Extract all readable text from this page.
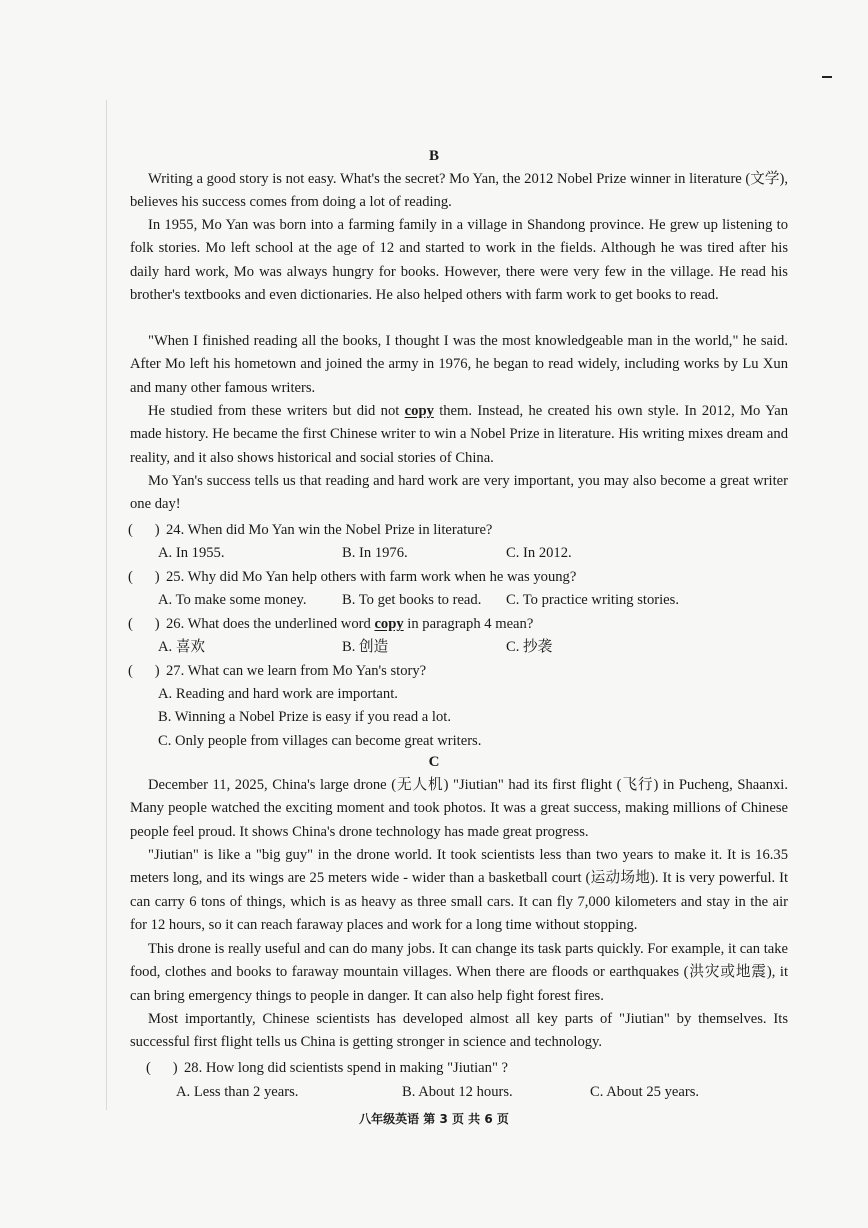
B

Writing a good story is not easy. What's the secret? Mo Yan, the 2012 Nobel Prize winner in literature (文学), believes his success comes from doing a lot of reading.

In 1955, Mo Yan was born into a farming family in a village in Shandong province. He grew up listening to folk stories. Mo left school at the age of 12 and started to work in the fields. Although he was tired after his daily hard work, Mo was always hungry for books. However, there were very few in the village. He read his brother's textbooks and even dictionaries. He also helped others with farm work to get books to read.

"When I finished reading all the books, I thought I was the most knowledgeable man in the world," he said. After Mo left his hometown and joined the army in 1976, he began to read widely, including works by Lu Xun and many other famous writers.

He studied from these writers but did not copy them. Instead, he created his own style. In 2012, Mo Yan made history. He became the first Chinese writer to win a Nobel Prize in literature. His writing mixes dream and reality, and it also shows historical and social stories of China.

Mo Yan's success tells us that reading and hard work are very important, you may also become a great writer one day!

( ) 24. When did Mo Yan win the Nobel Prize in literature?
A. In 1955.	B. In 1976.	C. In 2012.
( ) 25. Why did Mo Yan help others with farm work when he was young?
A. To make some money. B. To get books to read. C. To practice writing stories.
( ) 26. What does the underlined word copy in paragraph 4 mean?
A. 喜欢	B. 创造	C. 抄袭
( ) 27. What can we learn from Mo Yan's story?
A. Reading and hard work are important.
B. Winning a Nobel Prize is easy if you read a lot.
C. Only people from villages can become great writers.
C

December 11, 2025, China's large drone (无人机) "Jiutian" had its first flight (飞行) in Pucheng, Shaanxi. Many people watched the exciting moment and took photos. It was a great success, making millions of Chinese people feel proud. It shows China's drone technology has made great progress.

"Jiutian" is like a "big guy" in the drone world. It took scientists less than two years to make it. It is 16.35 meters long, and its wings are 25 meters wide - wider than a basketball court (运动场地). It is very powerful. It can carry 6 tons of things, which is as heavy as three small cars. It can fly 7,000 kilometers and stay in the air for 12 hours, so it can reach faraway places and work for a long time without stopping.

This drone is really useful and can do many jobs. It can change its task parts quickly. For example, it can take food, clothes and books to faraway mountain villages. When there are floods or earthquakes (洪灾或地震), it can bring emergency things to people in danger. It can also help fight forest fires.

Most importantly, Chinese scientists has developed almost all key parts of "Jiutian" by themselves. Its successful first flight tells us China is getting stronger in science and technology.

( ) 28. How long did scientists spend in making "Jiutian" ?
A. Less than 2 years.	B. About 12 hours.	C. About 25 years.
八年级英语 第 3 页 共 6 页
